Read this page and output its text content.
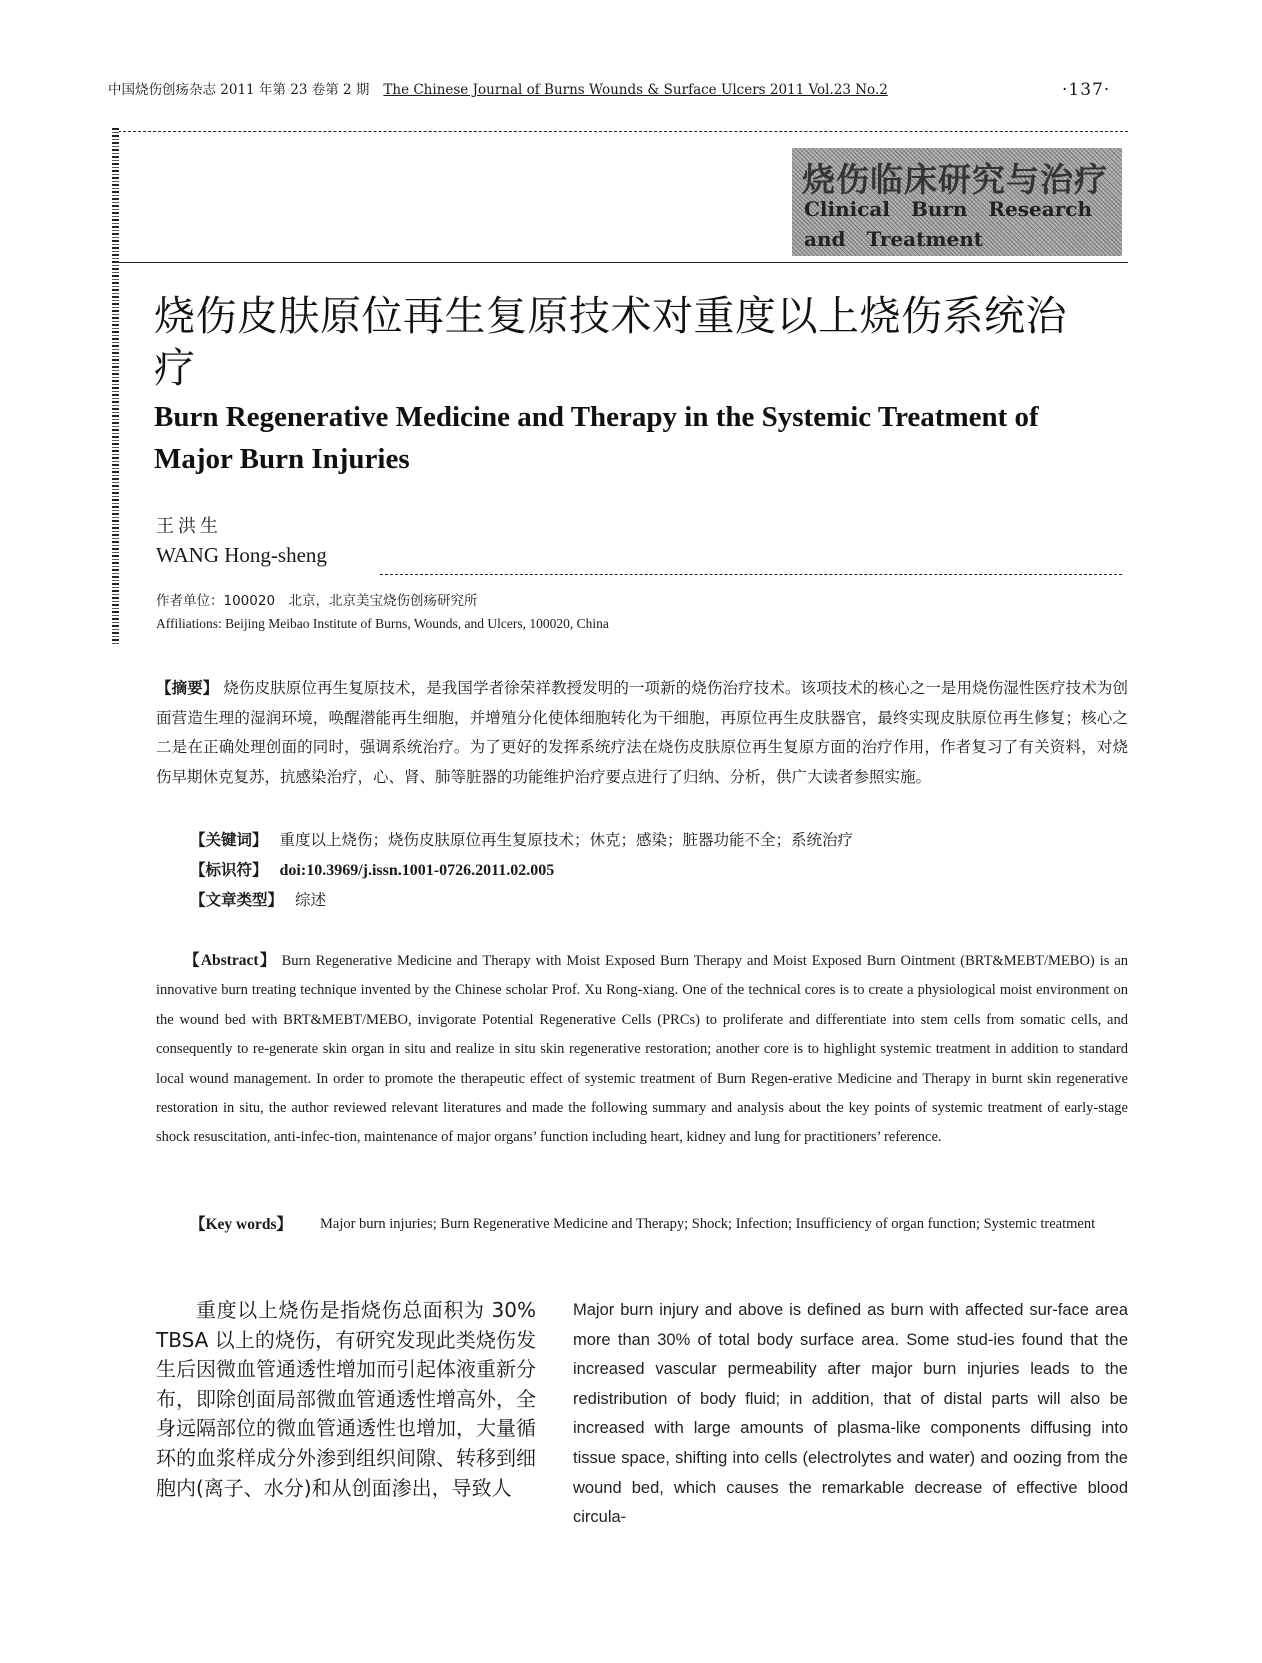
中国烧伤创疡杂志 2011 年第 23 卷第 2 期 The Chinese Journal of Burns Wounds & Surface Ulcers 2011 Vol.23 No.2	·137·
烧伤临床研究与治疗
Clinical Burn Research and Treatment
烧伤皮肤原位再生复原技术对重度以上烧伤系统治疗
Burn Regenerative Medicine and Therapy in the Systemic Treatment of Major Burn Injuries
王洪生
WANG Hong-sheng
作者单位：100020　北京，北京美宝烧伤创疡研究所
Affiliations: Beijing Meibao Institute of Burns, Wounds, and Ulcers, 100020, China
【摘要】 烧伤皮肤原位再生复原技术，是我国学者徐荣祥教授发明的一项新的烧伤治疗技术。该项技术的核心之一是用烧伤湿性医疗技术为创面营造生理的湿润环境，唤醒潜能再生细胞，并增殖分化使体细胞转化为干细胞，再原位再生皮肤器官，最终实现皮肤原位再生修复；核心之二是在正确处理创面的同时，强调系统治疗。为了更好的发挥系统疗法在烧伤皮肤原位再生复原方面的治疗作用，作者复习了有关资料，对烧伤早期休克复苏，抗感染治疗，心、肾、肺等脏器的功能维护治疗要点进行了归纳、分析，供广大读者参照实施。
【关键词】 重度以上烧伤；烧伤皮肤原位再生复原技术；休克；感染；脏器功能不全；系统治疗
【标识符】 doi:10.3969/j.issn.1001-0726.2011.02.005
【文章类型】 综述
【Abstract】 Burn Regenerative Medicine and Therapy with Moist Exposed Burn Therapy and Moist Exposed Burn Ointment (BRT&MEBT/MEBO) is an innovative burn treating technique invented by the Chinese scholar Prof. Xu Rong-xiang. One of the technical cores is to create a physiological moist environment on the wound bed with BRT&MEBT/MEBO, invigorate Potential Regenerative Cells (PRCs) to proliferate and differentiate into stem cells from somatic cells, and consequently to re-generate skin organ in situ and realize in situ skin regenerative restoration; another core is to highlight systemic treatment in addition to standard local wound management. In order to promote the therapeutic effect of systemic treatment of Burn Regen-erative Medicine and Therapy in burnt skin regenerative restoration in situ, the author reviewed relevant literatures and made the following summary and analysis about the key points of systemic treatment of early-stage shock resuscitation, anti-infec-tion, maintenance of major organs’ function including heart, kidney and lung for practitioners’ reference.
【Key words】 Major burn injuries; Burn Regenerative Medicine and Therapy; Shock; Infection; Insufficiency of organ function; Systemic treatment
重度以上烧伤是指烧伤总面积为 30% TBSA 以上的烧伤，有研究发现此类烧伤发生后因微血管通透性增加而引起体液重新分布，即除创面局部微血管通透性增高外，全身远隔部位的微血管通透性也增加，大量循环的血浆样成分外渗到组织间隙、转移到细胞内(离子、水分)和从创面渗出，导致人
Major burn injury and above is defined as burn with affected sur-face area more than 30% of total body surface area. Some stud-ies found that the increased vascular permeability after major burn injuries leads to the redistribution of body fluid; in addition, that of distal parts will also be increased with large amounts of plasma-like components diffusing into tissue space, shifting into cells (electrolytes and water) and oozing from the wound bed, which causes the remarkable decrease of effective blood circula-
